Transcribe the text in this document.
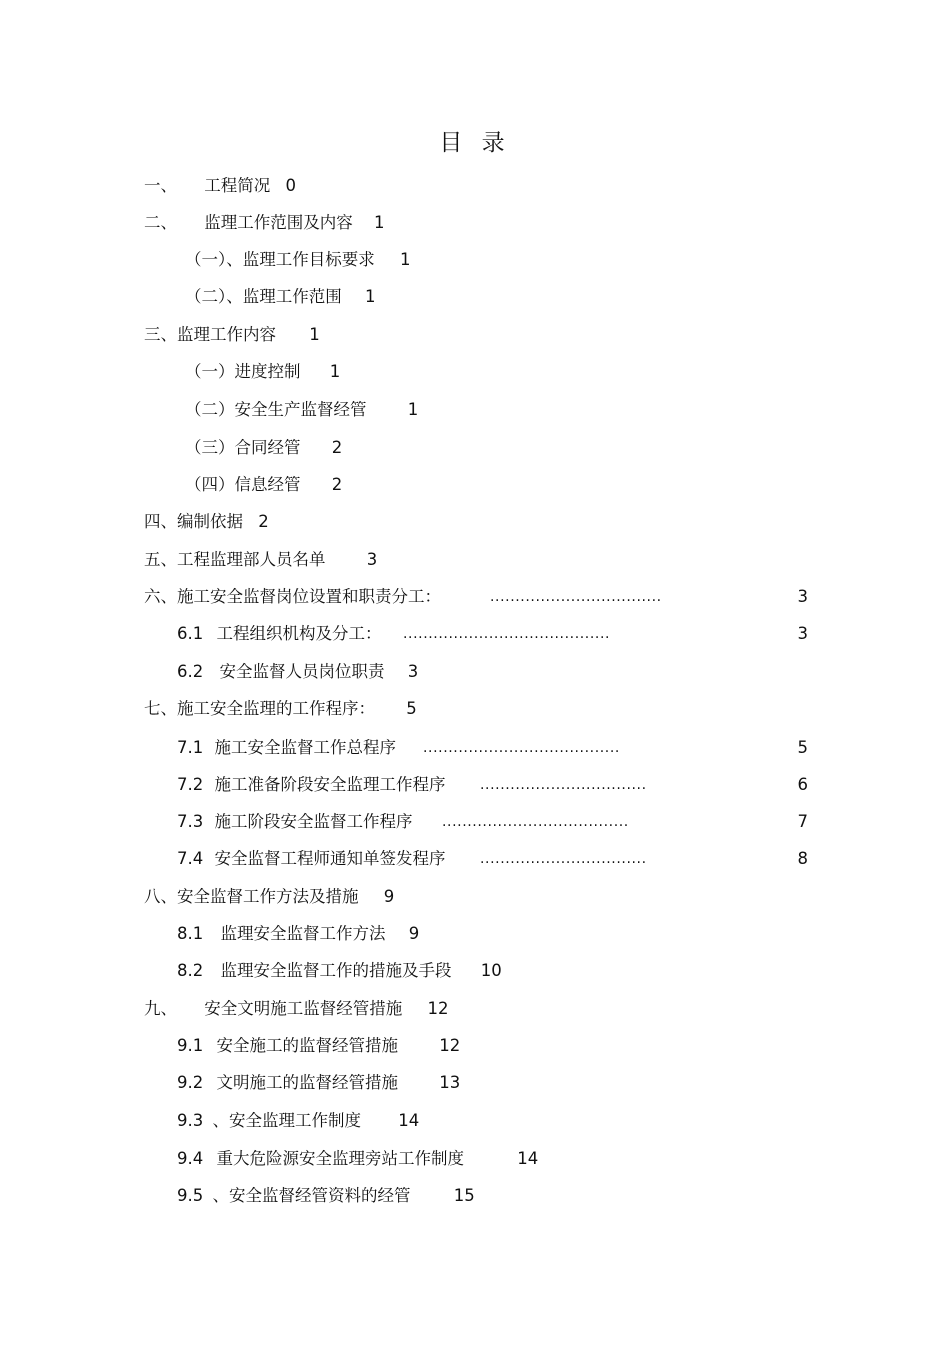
目 录
一、 工程简况 0
二、 监理工作范围及内容 1
（一）、监理工作目标要求 1
（二）、监理工作范围 1
三、监理工作内容 1
（一）进度控制 1
（二）安全生产监督经管	1
（三）合同经管 2
（四）信息经管 2
四、编制依据 2
五、工程监理部人员名单	3
六、施工安全监督岗位设置和职责分工：	..................................	3
6.1 工程组织机构及分工： .........................................	3
6.2 安全监督人员岗位职责 3
七、施工安全监理的工作程序： 5
7.1 施工安全监督工作总程序 .......................................	5
7.2 施工准备阶段安全监理工作程序 .................................	6
7.3 施工阶段安全监督工作程序 .....................................	7
7.4 安全监督工程师通知单签发程序 .................................	8
八、安全监督工作方法及措施 9
8.1 监理安全监督工作方法 9
8.2 监理安全监督工作的措施及手段 10
九、 安全文明施工监督经管措施 12
9.1 安全施工的监督经管措施	12
9.2 文明施工的监督经管措施	13
9.3 、安全监理工作制度 14
9.4 重大危险源安全监理旁站工作制度	14
9.5 、安全监督经管资料的经管	15
